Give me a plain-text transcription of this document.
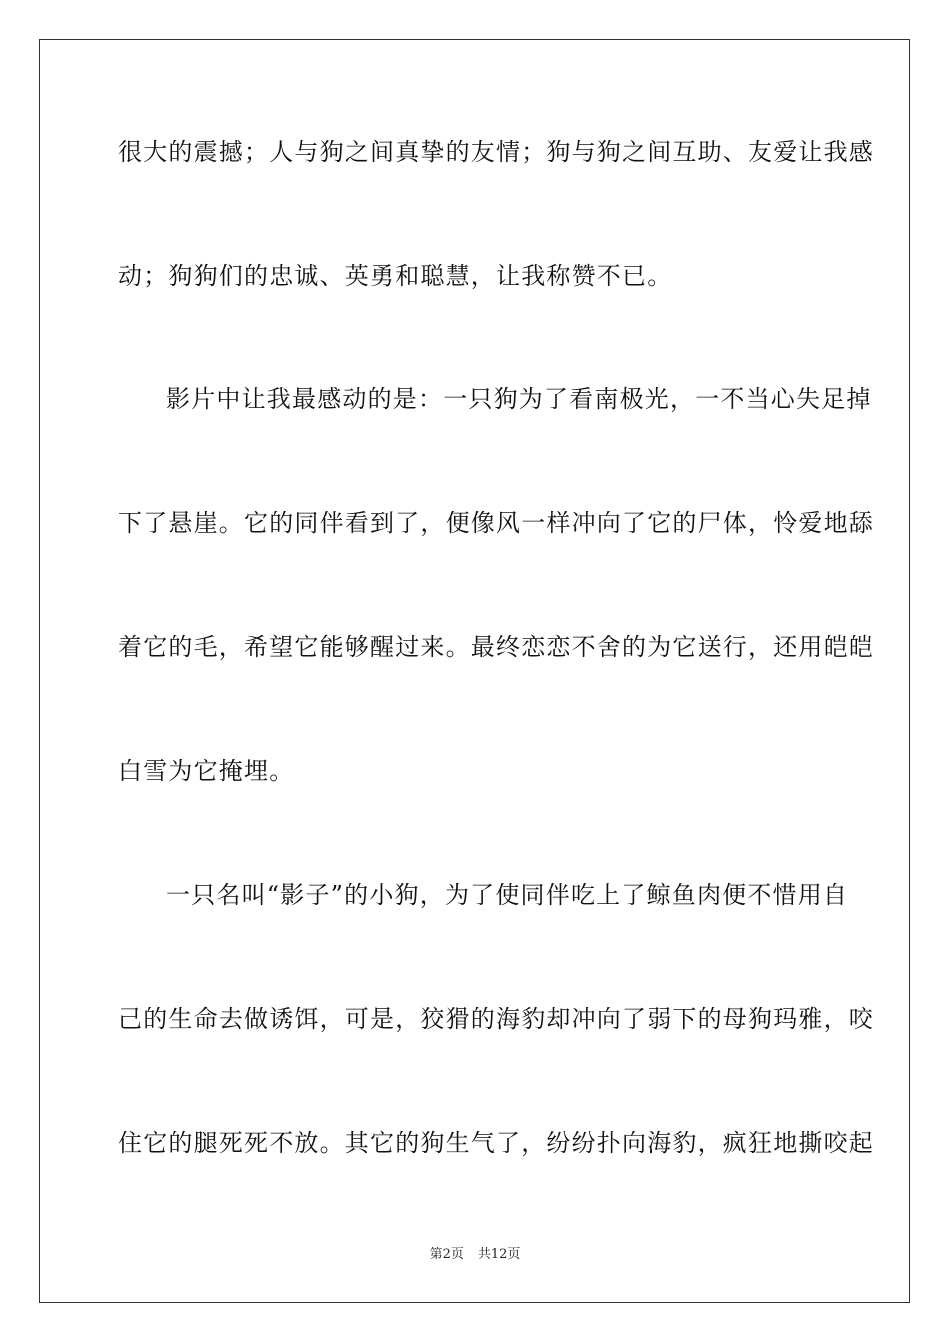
很大的震撼；人与狗之间真挚的友情；狗与狗之间互助、友爱让我感
动；狗狗们的忠诚、英勇和聪慧，让我称赞不已。
影片中让我最感动的是：一只狗为了看南极光，一不当心失足掉
下了悬崖。它的同伴看到了，便像风一样冲向了它的尸体，怜爱地舔
着它的毛，希望它能够醒过来。最终恋恋不舍的为它送行，还用皑皑
白雪为它掩埋。
一只名叫“影子”的小狗，为了使同伴吃上了鲸鱼肉便不惜用自
己的生命去做诱饵，可是，狡猾的海豹却冲向了弱下的母狗玛雅，咬
住它的腿死死不放。其它的狗生气了，纷纷扑向海豹，疯狂地撕咬起
第2页 共12页
